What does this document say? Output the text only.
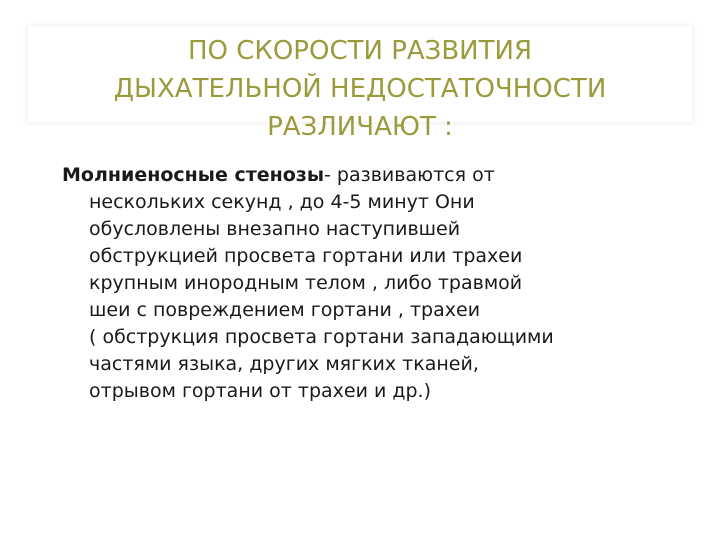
ПО СКОРОСТИ РАЗВИТИЯ
ДЫХАТЕЛЬНОЙ НЕДОСТАТОЧНОСТИ
РАЗЛИЧАЮТ :
Молниеносные стенозы- развиваются от
нескольких секунд , до 4-5 минут Они
обусловлены внезапно наступившей
обструкцией просвета гортани или трахеи
крупным инородным телом , либо травмой
шеи с повреждением гортани , трахеи
( обструкция просвета гортани западающими
частями языка, других мягких тканей,
отрывом гортани от трахеи и др.)
